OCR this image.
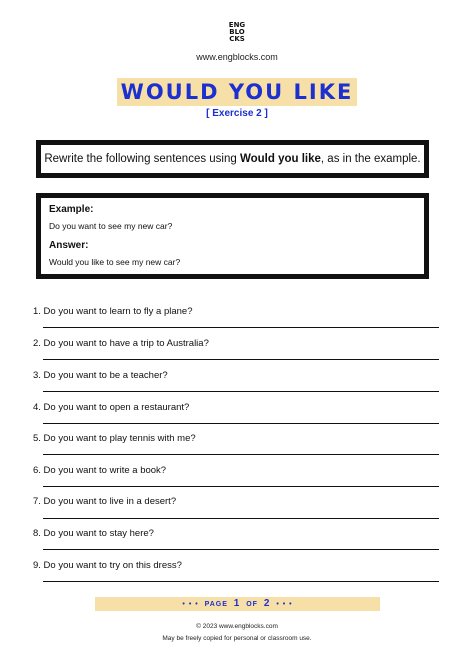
ENG
BLO
CKS
www.engblocks.com
WOULD YOU LIKE
[ Exercise 2 ]

Rewrite the following sentences using Would you like, as in the example.

Example:

Do you want to see my new car?

Answer:

Would you like to see my new car?

1. Do you want to learn to fly a plane?
2. Do you want to have a trip to Australia?
3. Do you want to be a teacher?
4. Do you want to open a restaurant?
5. Do you want to play tennis with me?
6. Do you want to write a book?
7. Do you want to live in a desert?
8. Do you want to stay here?
9. Do you want to try on this dress?
• • • PAGE 1 OF 2 • • •
© 2023 www.engblocks.com
May be freely copied for personal or classroom use.
